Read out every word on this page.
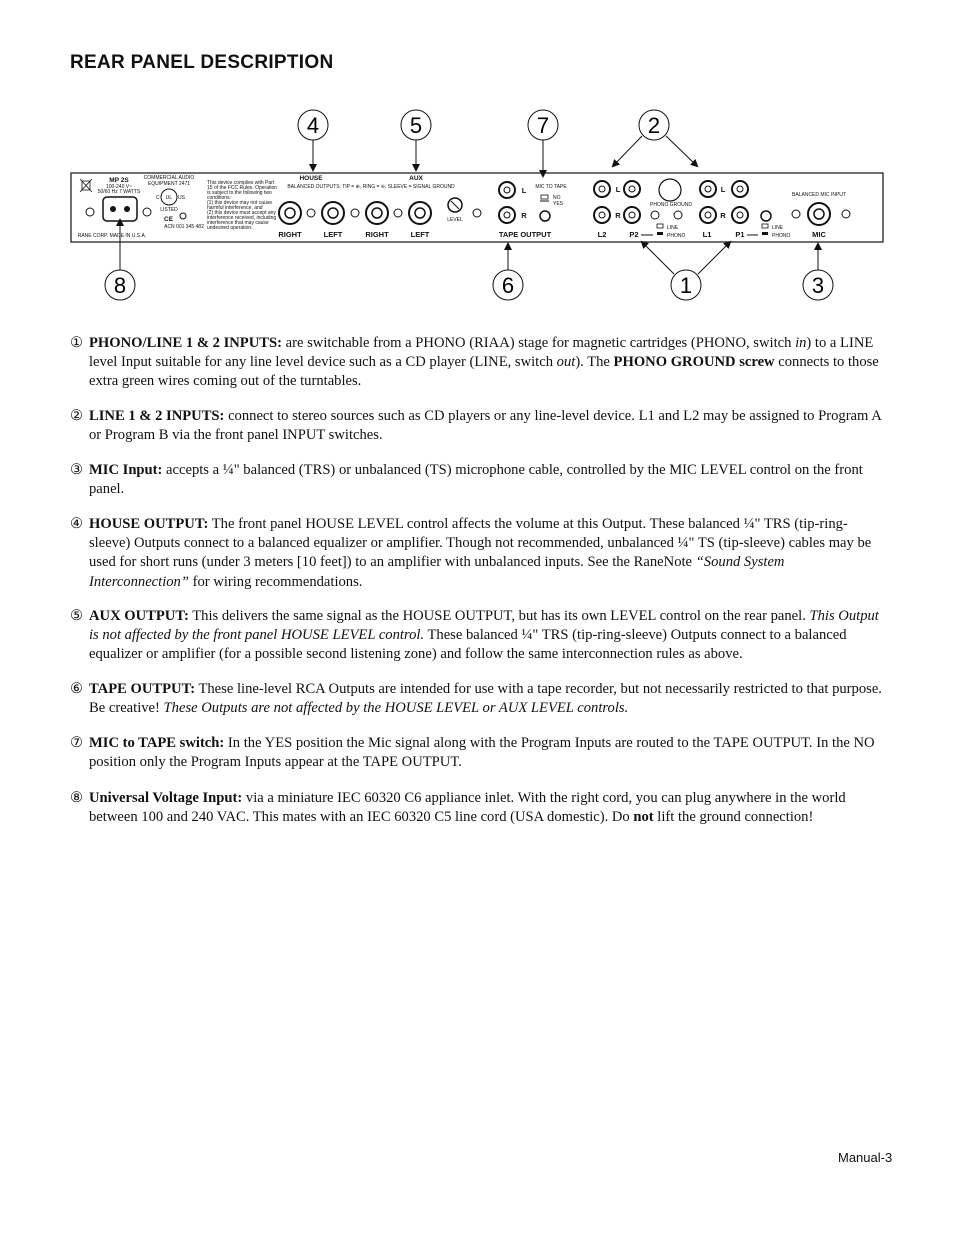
REAR PANEL DESCRIPTION
4	5	7	2
8	6	1	3
MP 2S
100-240 V~
50/60 Hz 7 WATTS
COMMERCIAL AUDIO
EQUIPMENT 2471
UL
C	US
LISTED
CE
ACN 001 345 482
RANE CORP. MADE IN U.S.A.
This device complies with Part
15 of the FCC Rules. Operation
is subject to the following two
conditions:
(1) this device may not cause
harmful interference, and
(2) this device must accept any
interference received, including
interference that may cause
undesired operation.
HOUSE	AUX
BALANCED OUTPUTS: TIP = ⊕, RING = ⊖, SLEEVE = SIGNAL GROUND
LEVEL
RIGHT	LEFT	RIGHT	LEFT
L
R
MIC TO TAPE
NO
YES
TAPE OUTPUT
L
R
PHONO GROUND
LINE
PHONO
L2	P2
L
R
LINE
PHONO
L1	P1
BALANCED MIC INPUT
MIC
① PHONO/LINE 1 & 2 INPUTS: are switchable from a PHONO (RIAA) stage for magnetic cartridges (PHONO, switch in) to a LINE level Input suitable for any line level device such as a CD player (LINE, switch out). The PHONO GROUND screw connects to those extra green wires coming out of the turntables.
② LINE 1 & 2 INPUTS: connect to stereo sources such as CD players or any line-level device. L1 and L2 may be assigned to Program A or Program B via the front panel INPUT switches.
③ MIC Input: accepts a ¼" balanced (TRS) or unbalanced (TS) microphone cable, controlled by the MIC LEVEL control on the front panel.
④ HOUSE OUTPUT: The front panel HOUSE LEVEL control affects the volume at this Output. These balanced ¼" TRS (tip-ring-sleeve) Outputs connect to a balanced equalizer or amplifier. Though not recommended, unbalanced ¼" TS (tip-sleeve) cables may be used for short runs (under 3 meters [10 feet]) to an amplifier with unbalanced inputs. See the RaneNote “Sound System Interconnection” for wiring recommendations.
⑤ AUX OUTPUT: This delivers the same signal as the HOUSE OUTPUT, but has its own LEVEL control on the rear panel. This Output is not affected by the front panel HOUSE LEVEL control. These balanced ¼" TRS (tip-ring-sleeve) Outputs connect to a balanced equalizer or amplifier (for a possible second listening zone) and follow the same interconnection rules as above.
⑥ TAPE OUTPUT: These line-level RCA Outputs are intended for use with a tape recorder, but not necessarily restricted to that purpose. Be creative! These Outputs are not affected by the HOUSE LEVEL or AUX LEVEL controls.
⑦ MIC to TAPE switch: In the YES position the Mic signal along with the Program Inputs are routed to the TAPE OUTPUT. In the NO position only the Program Inputs appear at the TAPE OUTPUT.
⑧ Universal Voltage Input: via a miniature IEC 60320 C6 appliance inlet. With the right cord, you can plug anywhere in the world between 100 and 240 VAC. This mates with an IEC 60320 C5 line cord (USA domestic). Do not lift the ground connection!
Manual-3
